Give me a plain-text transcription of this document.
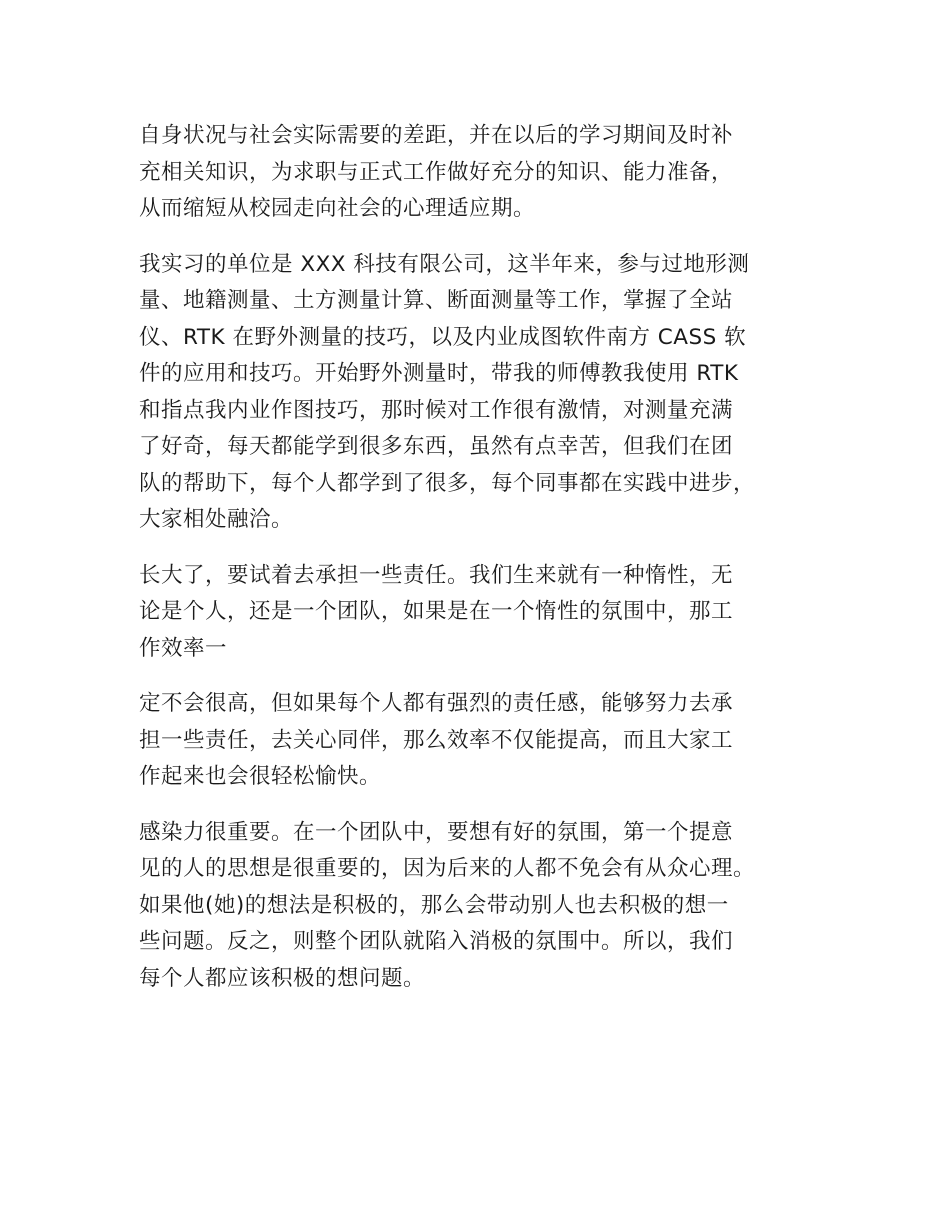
自身状况与社会实际需要的差距，并在以后的学习期间及时补
充相关知识，为求职与正式工作做好充分的知识、能力准备，
从而缩短从校园走向社会的心理适应期。

我实习的单位是 XXX 科技有限公司，这半年来，参与过地形测
量、地籍测量、土方测量计算、断面测量等工作，掌握了全站
仪、RTK 在野外测量的技巧，以及内业成图软件南方 CASS 软
件的应用和技巧。开始野外测量时，带我的师傅教我使用 RTK
和指点我内业作图技巧，那时候对工作很有激情，对测量充满
了好奇，每天都能学到很多东西，虽然有点幸苦，但我们在团
队的帮助下，每个人都学到了很多，每个同事都在实践中进步，
大家相处融洽。

长大了，要试着去承担一些责任。我们生来就有一种惰性，无
论是个人，还是一个团队，如果是在一个惰性的氛围中，那工
作效率一

定不会很高，但如果每个人都有强烈的责任感，能够努力去承
担一些责任，去关心同伴，那么效率不仅能提高，而且大家工
作起来也会很轻松愉快。

感染力很重要。在一个团队中，要想有好的氛围，第一个提意
见的人的思想是很重要的，因为后来的人都不免会有从众心理。
如果他(她)的想法是积极的，那么会带动别人也去积极的想一
些问题。反之，则整个团队就陷入消极的氛围中。所以，我们
每个人都应该积极的想问题。
